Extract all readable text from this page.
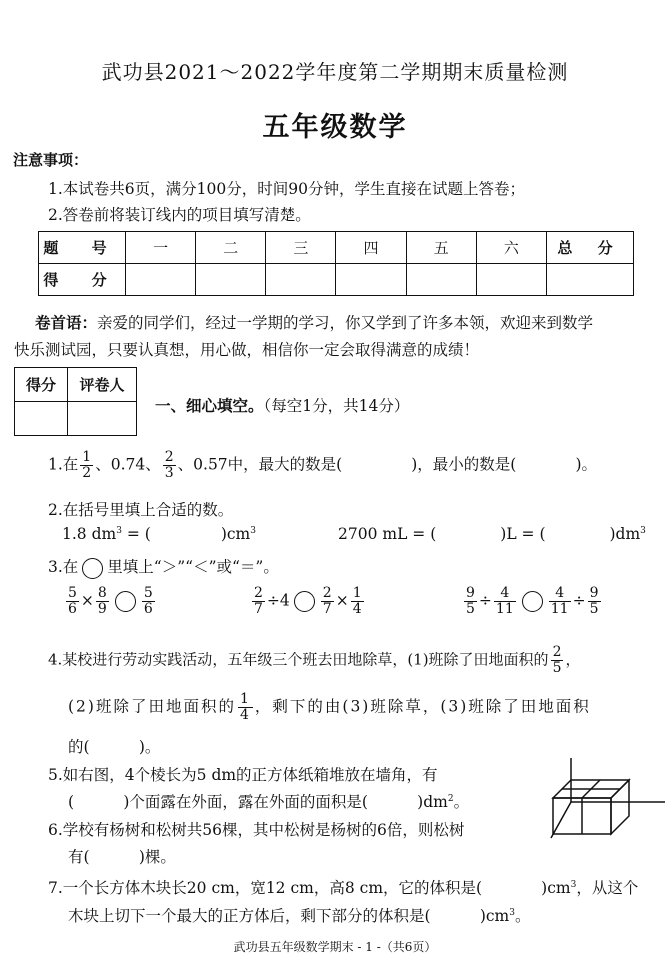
武功县2021～2022学年度第二学期期末质量检测
五年级数学
注意事项：
1.本试卷共6页，满分100分，时间90分钟，学生直接在试题上答卷；
2.答卷前将装订线内的项目填写清楚。
题 号	一	二	三	四	五	六	总 分
得 分							
卷首语：亲爱的同学们，经过一学期的学习，你又学到了许多本领，欢迎来到数学
快乐测试园，只要认真想，用心做，相信你一定会取得满意的成绩！
得分	评卷人

一、细心填空。（每空1分，共14分）
1.在 $\frac{1}{2}$ 、0.74、 $\frac{2}{3}$ 、0.57中，最大的数是(	)，最小的数是(	)。
2.在括号里填上合适的数。
1.8 $dm^3$ = (	)$cm^3$	2700 mL = (	)L = (	)$dm^3$
3.在 里填上“＞”“＜”或“＝”。
$\frac{5}{6} \times \frac{8}{9} \frac{5}{6}$	$\frac{2}{7} \div 4 \frac{2}{7} \times \frac{1}{4}$	$\frac{9}{5} \div \frac{4}{11} \frac{4}{11} \div \frac{9}{5}$
4.某校进行劳动实践活动，五年级三个班去田地除草，(1)班除了田地面积的 $\frac{2}{5}$ ，
(2)班除了田地面积的 $\frac{1}{4}$ ，剩下的由(3)班除草，(3)班除了田地面积
的(          )。
5.如右图，4个棱长为5 dm的正方体纸箱堆放在墙角，有
(          )个面露在外面，露在外面的面积是(          )$dm^2$。
6.学校有杨树和松树共56棵，其中松树是杨树的6倍，则松树
有(          )棵。
7.一个长方体木块长20 cm，宽12 cm，高8 cm，它的体积是(            )$cm^3$，从这个
木块上切下一个最大的正方体后，剩下部分的体积是(          )$cm^3$。
武功县五年级数学期末 - 1 -（共6页）
